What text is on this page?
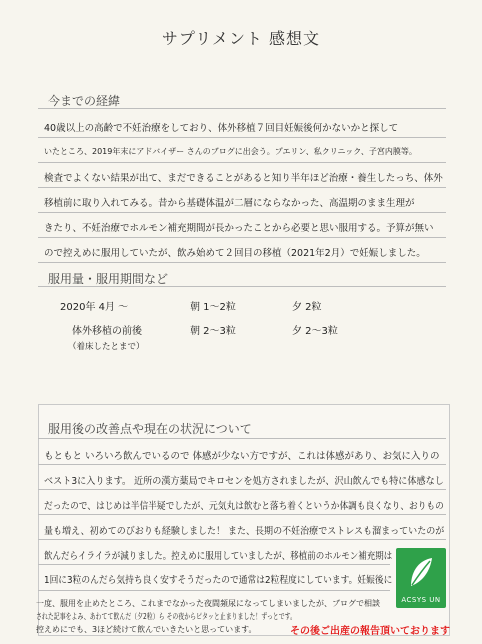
サプリメント 感想文
今までの経緯
40歳以上の高齢で不妊治療をしており、体外移植７回目妊娠後何かないかと探して
いたところ、2019年末にアドバイザー さんのブログに出会う。プエリン、私クリニック、子宮内膜等。
検査でよくない結果が出て、まだできることがあると知り半年ほど治療・養生したっち、体外
移植前に取り入れてみる。昔から基礎体温が二層にならなかった、高温期のまま生理が
きたり、不妊治療でホルモン補充期間が長かったことから必要と思い服用する。予算が無い
ので控えめに服用していたが、飲み始めて２回目の移植（2021年2月）で妊娠しました。
服用量・服用期間など
2020年 4月 〜	朝 1〜2粒	夕 2粒
体外移植の前後	朝 2〜3粒	夕 2〜3粒
（着床したとまで）
服用後の改善点や現在の状況について
もともと いろいろ飲んでいるので 体感が少ない方ですが、これは体感があり、お気に入りの
ベスト3に入ります。 近所の漢方薬局でキロセンを処方されましたが、沢山飲んでも特に体感なし
だったので、はじめは半信半疑でしたが、元気丸は飲むと落ち着くというか体調も良くなり、おりもの
量も増え、初めてのびおりも経験しました！ また、長期の不妊治療でストレスも溜まっていたのが
飲んだらイライラが減りました。控えめに服用していましたが、移植前のホルモン補充期は
1回に3粒のんだら気持ち良く安すそうだったので通常は2粒程度にしています。妊娠後に
一度、服用を止めたところ、これまでなかった夜間頻尿になってしまいましたが、ブログで相談
された記事をよみ、あわてて飲んだ（夕2粒）ら その夜からピタッと止まりました！ずっとです。
控えめにでも、3ほど続けて飲んでいきたいと思っています。
ACSYS UN
その後ご出産の報告頂いております
